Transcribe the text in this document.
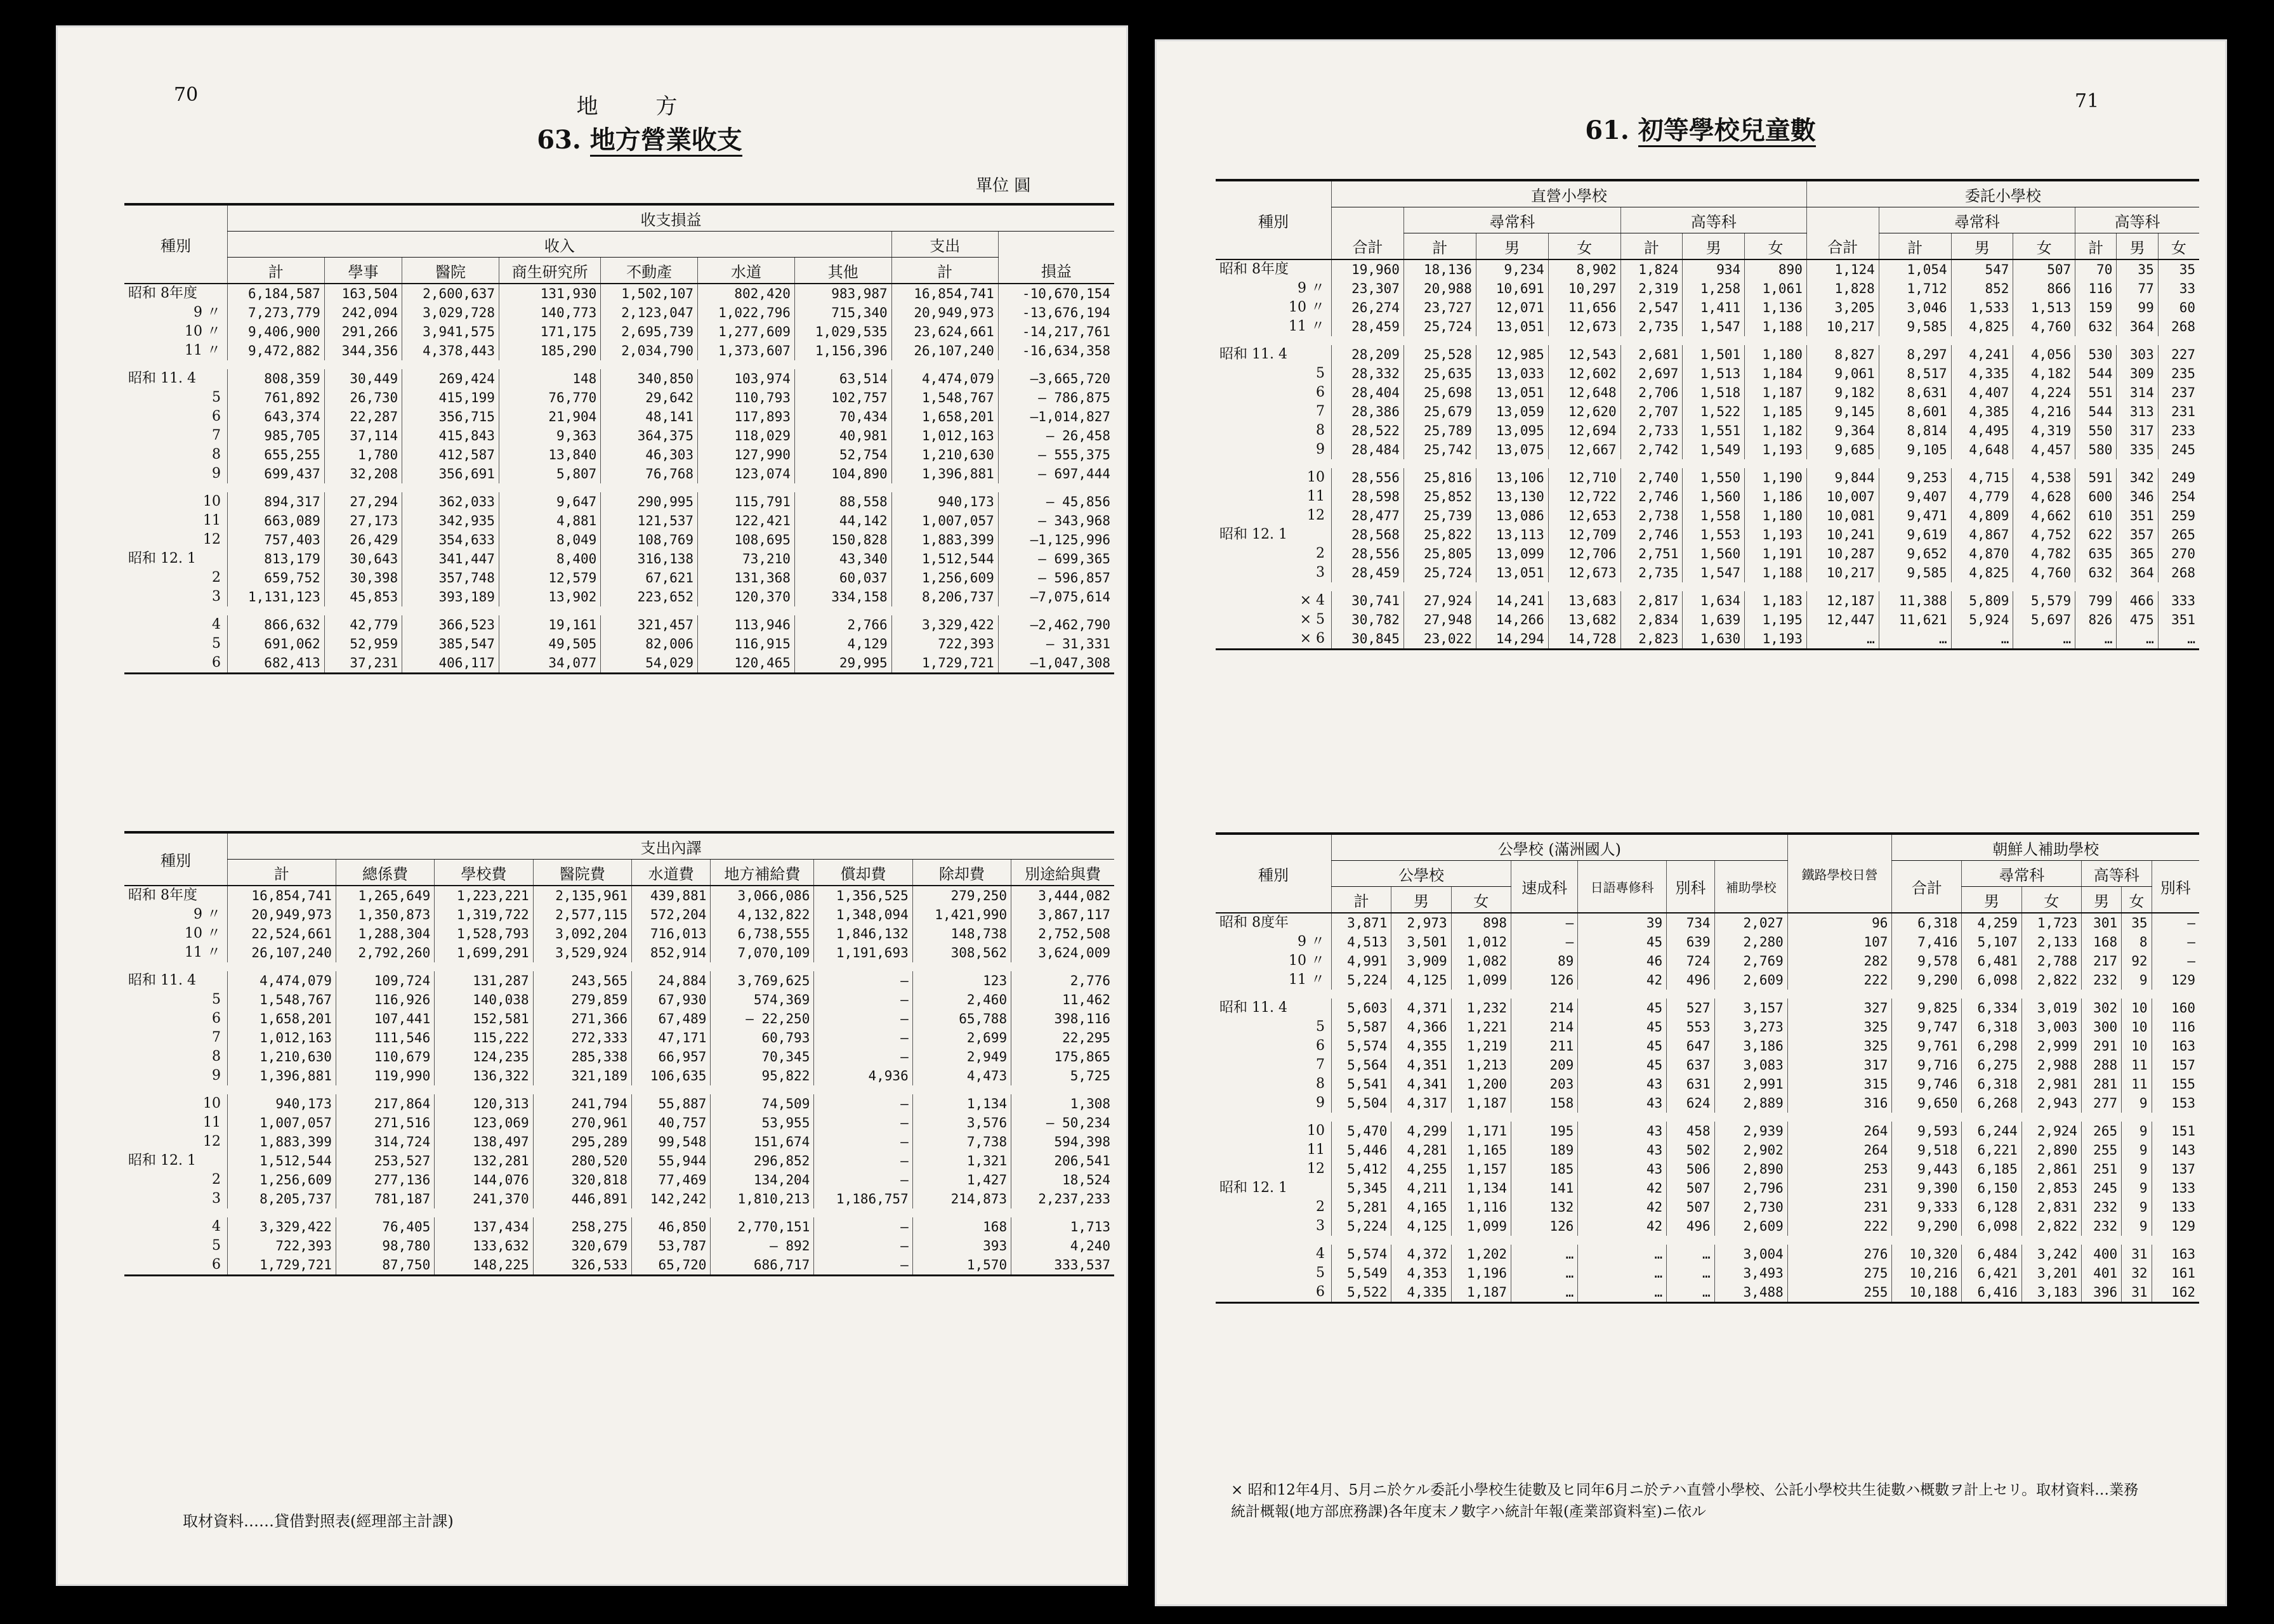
70	地 方
63. 地方營業收支
單位 圓
種別	收支損益								
	收入							支出	
	計	學事	醫院	商生研究所	不動產	水道	其他	計	損益
昭和 8年度	6,184,587	163,504	2,600,637	131,930	1,502,107	802,420	983,987	16,854,741	-10,670,154
9 〃	7,273,779	242,094	3,029,728	140,773	2,123,047	1,022,796	715,340	20,949,973	-13,676,194
10 〃	9,406,900	291,266	3,941,575	171,175	2,695,739	1,277,609	1,029,535	23,624,661	-14,217,761
11 〃	9,472,882	344,356	4,378,443	185,290	2,034,790	1,373,607	1,156,396	26,107,240	-16,634,358

昭和 11. 4	808,359	30,449	269,424	148	340,850	103,974	63,514	4,474,079	—3,665,720
5	761,892	26,730	415,199	76,770	29,642	110,793	102,757	1,548,767	— 786,875
6	643,374	22,287	356,715	21,904	48,141	117,893	70,434	1,658,201	—1,014,827
7	985,705	37,114	415,843	9,363	364,375	118,029	40,981	1,012,163	— 26,458
8	655,255	1,780	412,587	13,840	46,303	127,990	52,754	1,210,630	— 555,375
9	699,437	32,208	356,691	5,807	76,768	123,074	104,890	1,396,881	— 697,444

10	894,317	27,294	362,033	9,647	290,995	115,791	88,558	940,173	— 45,856
11	663,089	27,173	342,935	4,881	121,537	122,421	44,142	1,007,057	— 343,968
12	757,403	26,429	354,633	8,049	108,769	108,695	150,828	1,883,399	—1,125,996
昭和 12. 1	813,179	30,643	341,447	8,400	316,138	73,210	43,340	1,512,544	— 699,365
2	659,752	30,398	357,748	12,579	67,621	131,368	60,037	1,256,609	— 596,857
3	1,131,123	45,853	393,189	13,902	223,652	120,370	334,158	8,206,737	—7,075,614

4	866,632	42,779	366,523	19,161	321,457	113,946	2,766	3,329,422	—2,462,790
5	691,062	52,959	385,547	49,505	82,006	116,915	4,129	722,393	— 31,331
6	682,413	37,231	406,117	34,077	54,029	120,465	29,995	1,729,721	—1,047,308
種別	支出內譯								
	計	總係費	學校費	醫院費	水道費	地方補給費	償却費	除却費	別途給與費
昭和 8年度	16,854,741	1,265,649	1,223,221	2,135,961	439,881	3,066,086	1,356,525	279,250	3,444,082
9 〃	20,949,973	1,350,873	1,319,722	2,577,115	572,204	4,132,822	1,348,094	1,421,990	3,867,117
10 〃	22,524,661	1,288,304	1,528,793	3,092,204	716,013	6,738,555	1,846,132	148,738	2,752,508
11 〃	26,107,240	2,792,260	1,699,291	3,529,924	852,914	7,070,109	1,191,693	308,562	3,624,009

昭和 11. 4	4,474,079	109,724	131,287	243,565	24,884	3,769,625	—	123	2,776
5	1,548,767	116,926	140,038	279,859	67,930	574,369	—	2,460	11,462
6	1,658,201	107,441	152,581	271,366	67,489	— 22,250	—	65,788	398,116
7	1,012,163	111,546	115,222	272,333	47,171	60,793	—	2,699	22,295
8	1,210,630	110,679	124,235	285,338	66,957	70,345	—	2,949	175,865
9	1,396,881	119,990	136,322	321,189	106,635	95,822	4,936	4,473	5,725

10	940,173	217,864	120,313	241,794	55,887	74,509	—	1,134	1,308
11	1,007,057	271,516	123,069	270,961	40,757	53,955	—	3,576	— 50,234
12	1,883,399	314,724	138,497	295,289	99,548	151,674	—	7,738	594,398
昭和 12. 1	1,512,544	253,527	132,281	280,520	55,944	296,852	—	1,321	206,541
2	1,256,609	277,136	144,076	320,818	77,469	134,204	—	1,427	18,524
3	8,205,737	781,187	241,370	446,891	142,242	1,810,213	1,186,757	214,873	2,237,233

4	3,329,422	76,405	137,434	258,275	46,850	2,770,151	—	168	1,713
5	722,393	98,780	133,632	320,679	53,787	— 892	—	393	4,240
6	1,729,721	87,750	148,225	326,533	65,720	686,717	—	1,570	333,537
取材資料……貸借對照表(經理部主計課)
71
61. 初等學校兒童數
種別	直營小學校							委託小學校						
		尋常科			高等科				尋常科			高等科		
	合計	計	男	女	計	男	女	合計	計	男	女	計	男	女
昭和 8年度	19,960	18,136	9,234	8,902	1,824	934	890	1,124	1,054	547	507	70	35	35
9 〃	23,307	20,988	10,691	10,297	2,319	1,258	1,061	1,828	1,712	852	866	116	77	33
10 〃	26,274	23,727	12,071	11,656	2,547	1,411	1,136	3,205	3,046	1,533	1,513	159	99	60
11 〃	28,459	25,724	13,051	12,673	2,735	1,547	1,188	10,217	9,585	4,825	4,760	632	364	268

昭和 11. 4	28,209	25,528	12,985	12,543	2,681	1,501	1,180	8,827	8,297	4,241	4,056	530	303	227
5	28,332	25,635	13,033	12,602	2,697	1,513	1,184	9,061	8,517	4,335	4,182	544	309	235
6	28,404	25,698	13,051	12,648	2,706	1,518	1,187	9,182	8,631	4,407	4,224	551	314	237
7	28,386	25,679	13,059	12,620	2,707	1,522	1,185	9,145	8,601	4,385	4,216	544	313	231
8	28,522	25,789	13,095	12,694	2,733	1,551	1,182	9,364	8,814	4,495	4,319	550	317	233
9	28,484	25,742	13,075	12,667	2,742	1,549	1,193	9,685	9,105	4,648	4,457	580	335	245

10	28,556	25,816	13,106	12,710	2,740	1,550	1,190	9,844	9,253	4,715	4,538	591	342	249
11	28,598	25,852	13,130	12,722	2,746	1,560	1,186	10,007	9,407	4,779	4,628	600	346	254
12	28,477	25,739	13,086	12,653	2,738	1,558	1,180	10,081	9,471	4,809	4,662	610	351	259
昭和 12. 1	28,568	25,822	13,113	12,709	2,746	1,553	1,193	10,241	9,619	4,867	4,752	622	357	265
2	28,556	25,805	13,099	12,706	2,751	1,560	1,191	10,287	9,652	4,870	4,782	635	365	270
3	28,459	25,724	13,051	12,673	2,735	1,547	1,188	10,217	9,585	4,825	4,760	632	364	268

× 4	30,741	27,924	14,241	13,683	2,817	1,634	1,183	12,187	11,388	5,809	5,579	799	466	333
× 5	30,782	27,948	14,266	13,682	2,834	1,639	1,195	12,447	11,621	5,924	5,697	826	475	351
× 6	30,845	23,022	14,294	14,728	2,823	1,630	1,193	…	…	…	…	…	…	…
種別	公學校 (滿洲國人)							鐵路學校日營	朝鮮人補助學校					
	公學校			速成科	日語專修科	別科	補助學校		合計	尋常科		高等科		別科
	計	男	女							男	女	男	女	
昭和 8度年	3,871	2,973	898	—	39	734	2,027	96	6,318	4,259	1,723	301	35	—
9 〃	4,513	3,501	1,012	—	45	639	2,280	107	7,416	5,107	2,133	168	8	—
10 〃	4,991	3,909	1,082	89	46	724	2,769	282	9,578	6,481	2,788	217	92	—
11 〃	5,224	4,125	1,099	126	42	496	2,609	222	9,290	6,098	2,822	232	9	129

昭和 11. 4	5,603	4,371	1,232	214	45	527	3,157	327	9,825	6,334	3,019	302	10	160
5	5,587	4,366	1,221	214	45	553	3,273	325	9,747	6,318	3,003	300	10	116
6	5,574	4,355	1,219	211	45	647	3,186	325	9,761	6,298	2,999	291	10	163
7	5,564	4,351	1,213	209	45	637	3,083	317	9,716	6,275	2,988	288	11	157
8	5,541	4,341	1,200	203	43	631	2,991	315	9,746	6,318	2,981	281	11	155
9	5,504	4,317	1,187	158	43	624	2,889	316	9,650	6,268	2,943	277	9	153

10	5,470	4,299	1,171	195	43	458	2,939	264	9,593	6,244	2,924	265	9	151
11	5,446	4,281	1,165	189	43	502	2,902	264	9,518	6,221	2,890	255	9	143
12	5,412	4,255	1,157	185	43	506	2,890	253	9,443	6,185	2,861	251	9	137
昭和 12. 1	5,345	4,211	1,134	141	42	507	2,796	231	9,390	6,150	2,853	245	9	133
2	5,281	4,165	1,116	132	42	507	2,730	231	9,333	6,128	2,831	232	9	133
3	5,224	4,125	1,099	126	42	496	2,609	222	9,290	6,098	2,822	232	9	129

4	5,574	4,372	1,202	…	…	…	3,004	276	10,320	6,484	3,242	400	31	163
5	5,549	4,353	1,196	…	…	…	3,493	275	10,216	6,421	3,201	401	32	161
6	5,522	4,335	1,187	…	…	…	3,488	255	10,188	6,416	3,183	396	31	162
× 昭和12年4月、5月ニ於ケル委託小學校生徒數及ヒ同年6月ニ於テハ直營小學校、公託小學校共生徒數ハ概數ヲ計上セリ。取材資料…業務統計概報(地方部庶務課)各年度末ノ數字ハ統計年報(產業部資料室)ニ依ル
